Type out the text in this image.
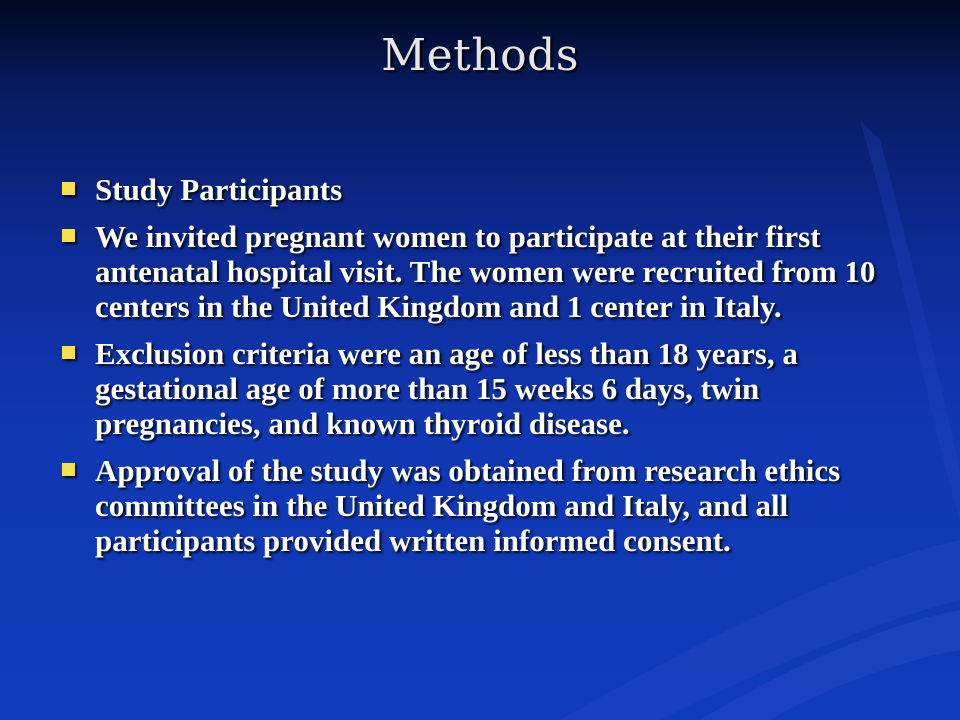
Methods
Study Participants
We invited pregnant women to participate at their first antenatal hospital visit. The women were recruited from 10 centers in the United Kingdom and 1 center in Italy.
Exclusion criteria were an age of less than 18 years, a gestational age of more than 15 weeks 6 days, twin pregnancies, and known thyroid disease.
Approval of the study was obtained from research ethics committees in the United Kingdom and Italy, and all participants provided written informed consent.
